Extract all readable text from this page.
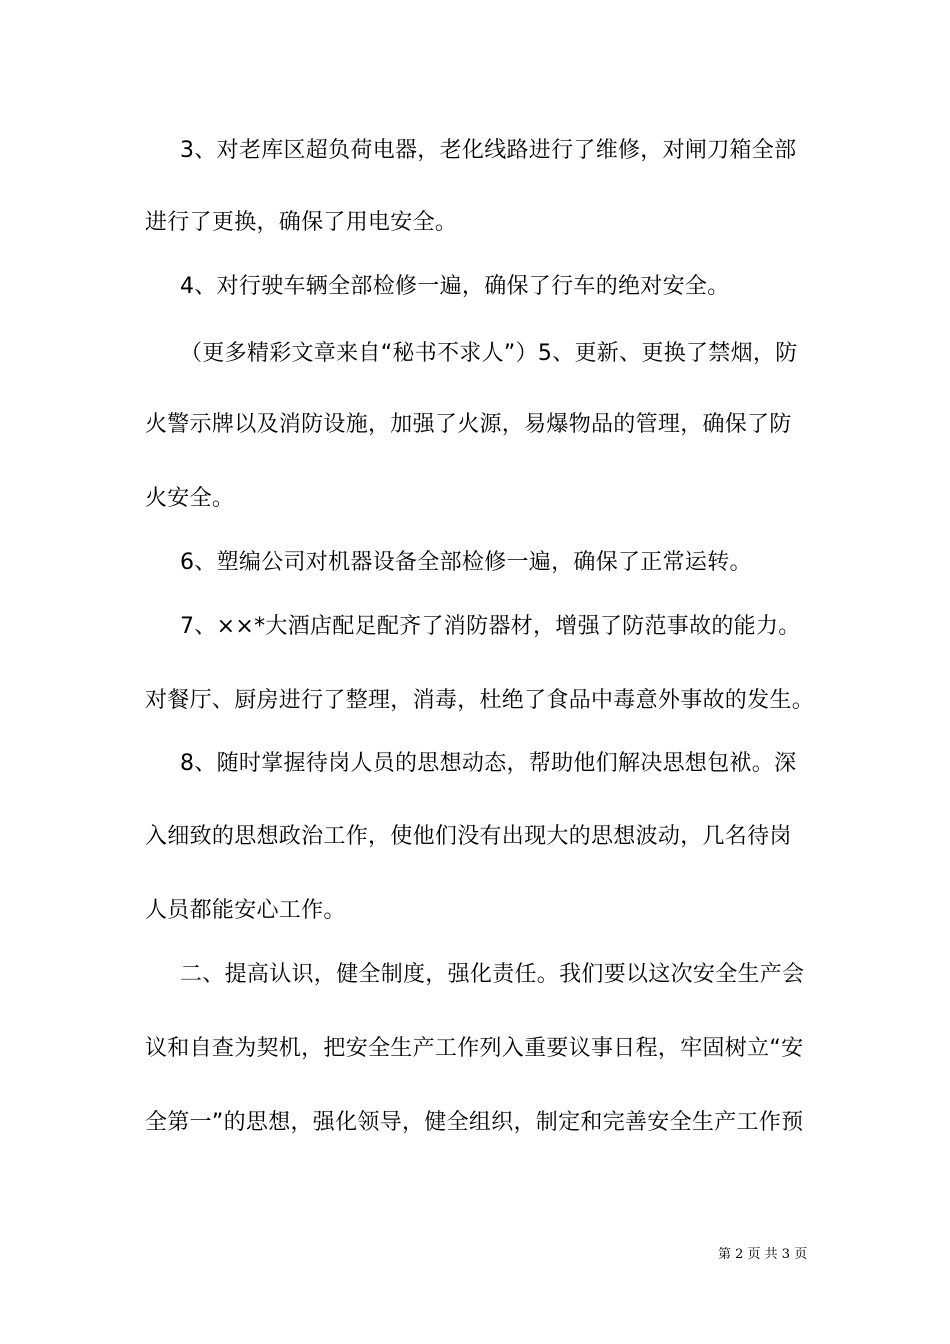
3、对老库区超负荷电器，老化线路进行了维修，对闸刀箱全部
进行了更换，确保了用电安全。
4、对行驶车辆全部检修一遍，确保了行车的绝对安全。
（更多精彩文章来自“秘书不求人”）5、更新、更换了禁烟，防
火警示牌以及消防设施，加强了火源，易爆物品的管理，确保了防
火安全。
6、塑编公司对机器设备全部检修一遍，确保了正常运转。
7、××*大酒店配足配齐了消防器材，增强了防范事故的能力。
对餐厅、厨房进行了整理，消毒，杜绝了食品中毒意外事故的发生。
8、随时掌握待岗人员的思想动态，帮助他们解决思想包袱。深
入细致的思想政治工作，使他们没有出现大的思想波动，几名待岗
人员都能安心工作。
二、提高认识，健全制度，强化责任。我们要以这次安全生产会
议和自查为契机，把安全生产工作列入重要议事日程，牢固树立“安
全第一”的思想，强化领导，健全组织，制定和完善安全生产工作预
第 2 页 共 3 页
